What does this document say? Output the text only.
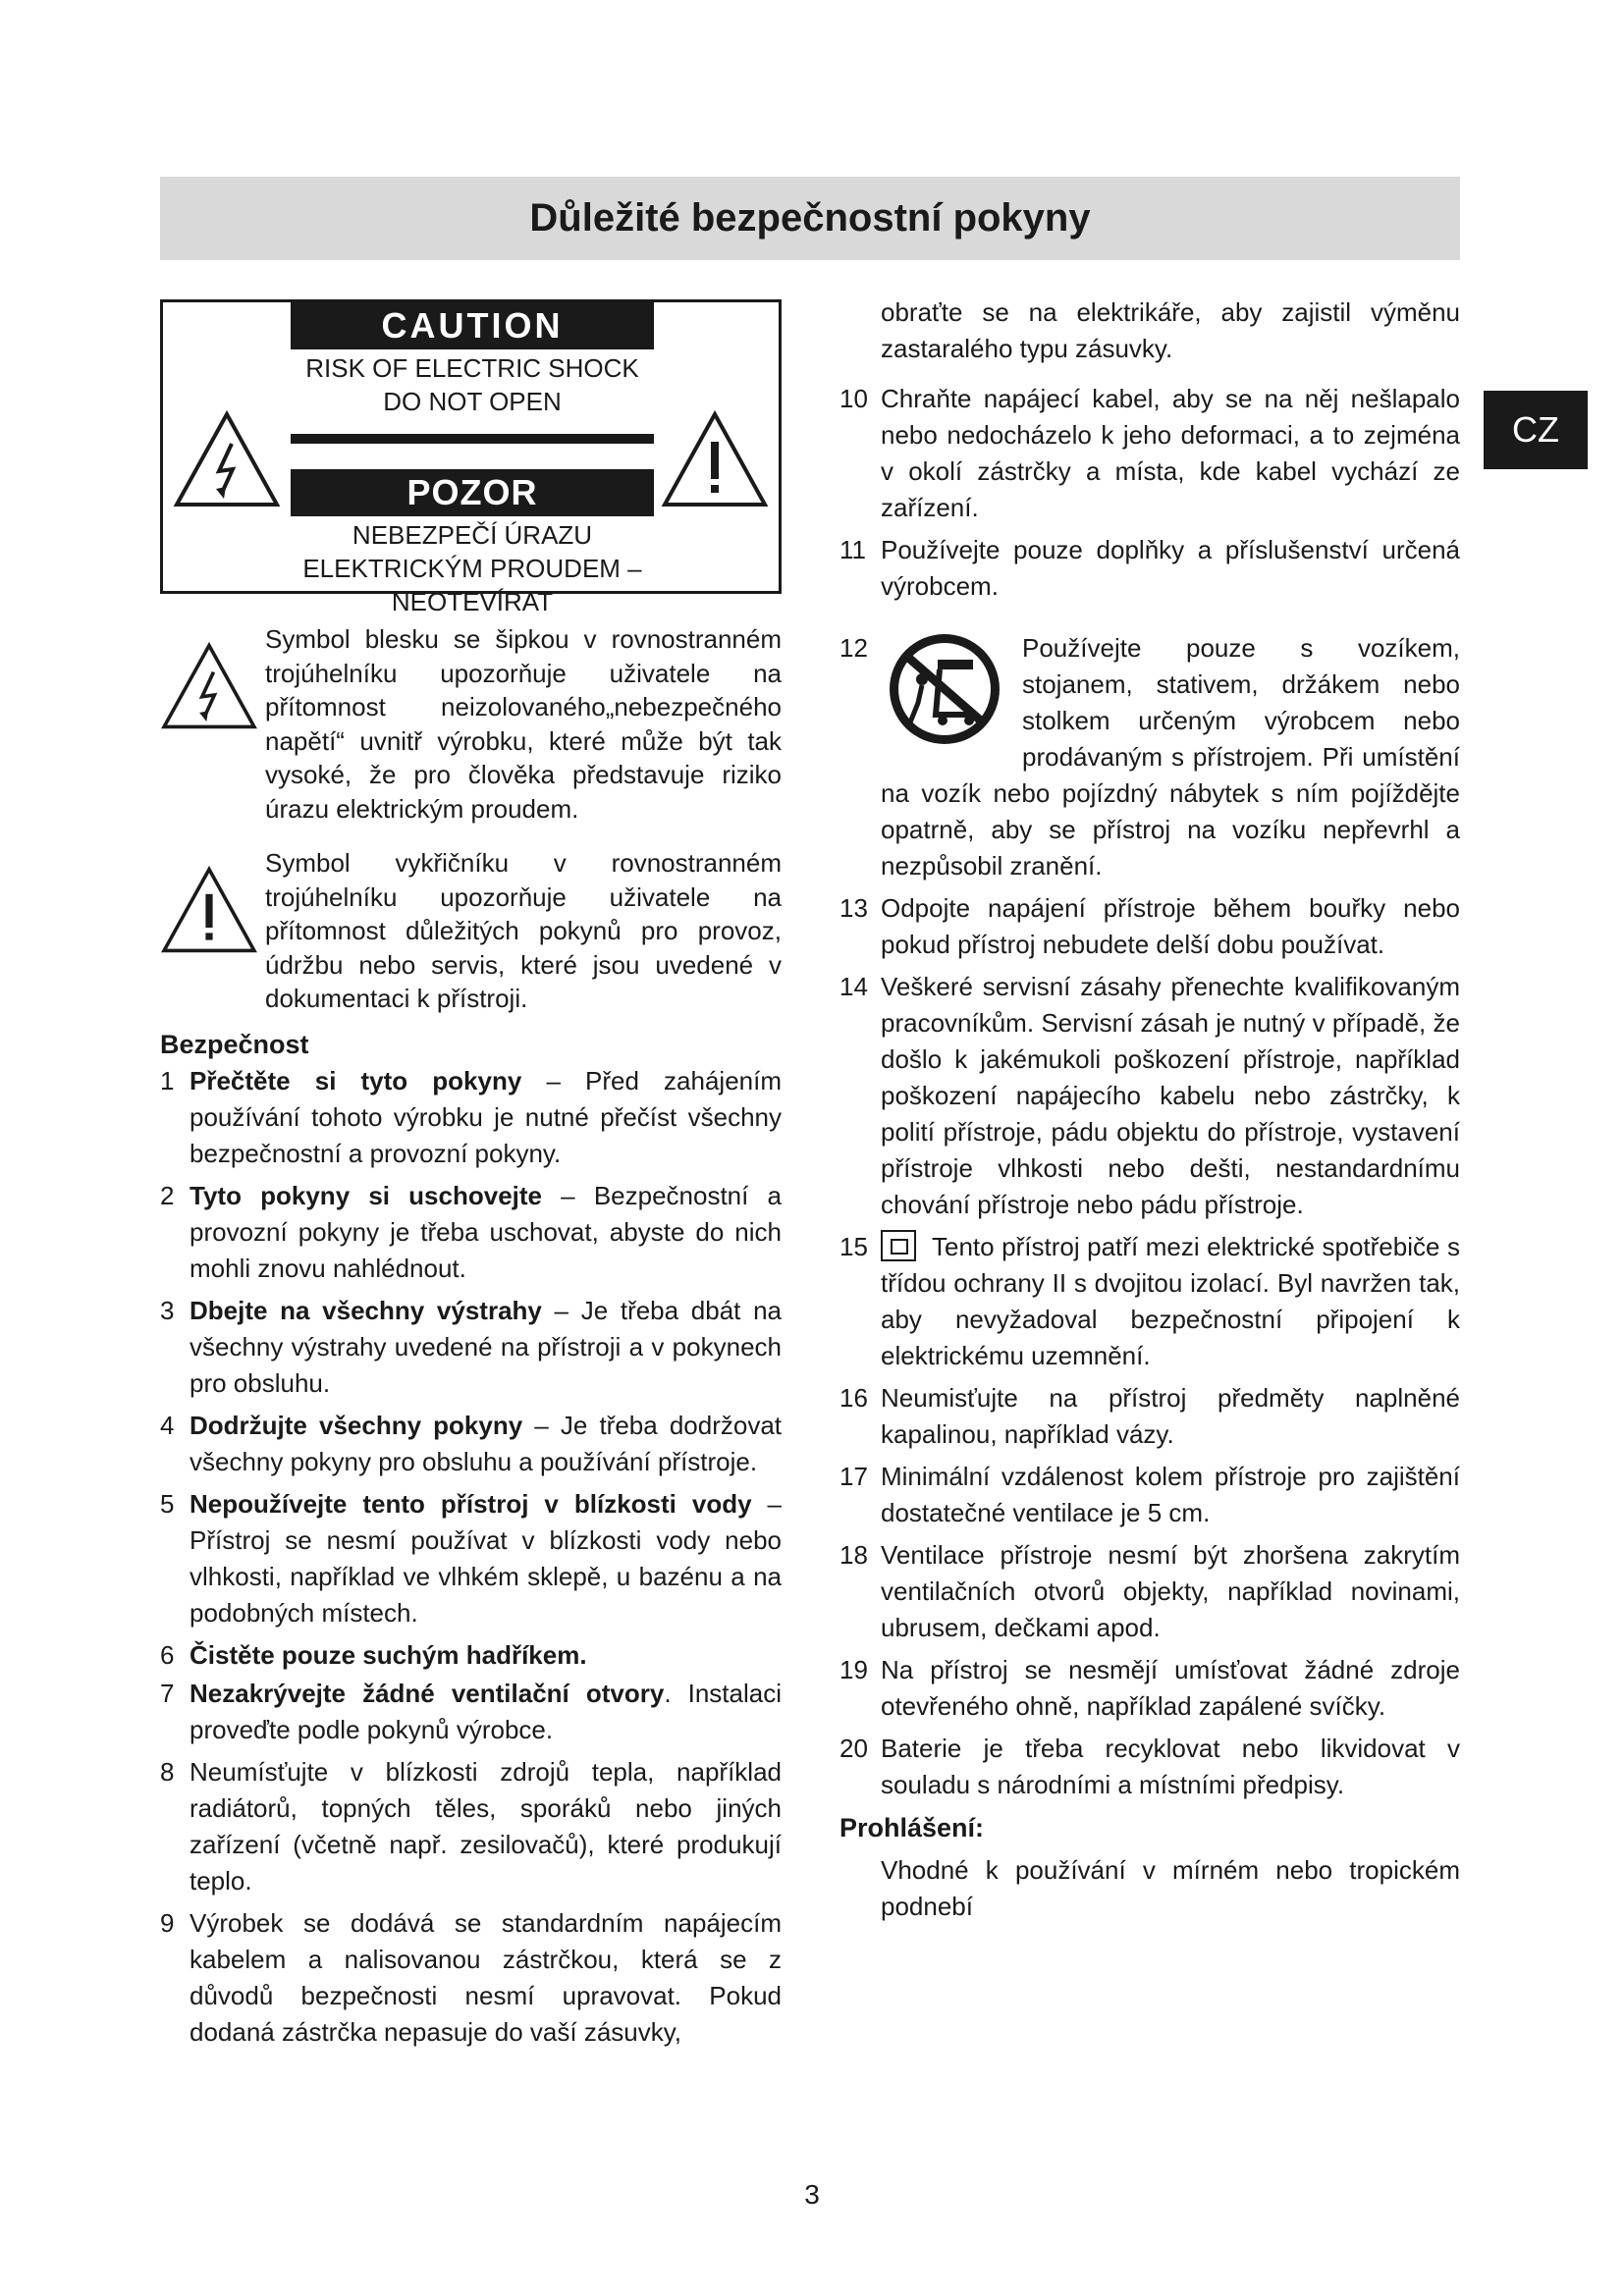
Důležité bezpečnostní pokyny
CZ
CAUTION
RISK OF ELECTRIC SHOCK
DO NOT OPEN
POZOR
NEBEZPEČÍ ÚRAZU
ELEKTRICKÝM PROUDEM –
NEOTEVÍRAT
Symbol blesku se šipkou v rovnostranném trojúhelníku upozorňuje uživatele na přítomnost neizolovaného„nebezpečného napětí“ uvnitř výrobku, které může být tak vysoké, že pro člověka představuje riziko úrazu elektrickým proudem.
Symbol vykřičníku v rovnostranném trojúhelníku upozorňuje uživatele na přítomnost důležitých pokynů pro provoz, údržbu nebo servis, které jsou uvedené v dokumentaci k přístroji.
Bezpečnost
1 Přečtěte si tyto pokyny – Před zahájením používání tohoto výrobku je nutné přečíst všechny bezpečnostní a provozní pokyny.
2 Tyto pokyny si uschovejte – Bezpečnostní a provozní pokyny je třeba uschovat, abyste do nich mohli znovu nahlédnout.
3 Dbejte na všechny výstrahy – Je třeba dbát na všechny výstrahy uvedené na přístroji a v pokynech pro obsluhu.
4 Dodržujte všechny pokyny – Je třeba dodržovat všechny pokyny pro obsluhu a používání přístroje.
5 Nepoužívejte tento přístroj v blízkosti vody – Přístroj se nesmí používat v blízkosti vody nebo vlhkosti, například ve vlhkém sklepě, u bazénu a na podobných místech.
6 Čistěte pouze suchým hadříkem.
7 Nezakrývejte žádné ventilační otvory. Instalaci proveďte podle pokynů výrobce.
8 Neumísťujte v blízkosti zdrojů tepla, například radiátorů, topných těles, sporáků nebo jiných zařízení (včetně např. zesilovačů), které produkují teplo.
9 Výrobek se dodává se standardním napájecím kabelem a nalisovanou zástrčkou, která se z důvodů bezpečnosti nesmí upravovat. Pokud dodaná zástrčka nepasuje do vaší zásuvky,
obraťte se na elektrikáře, aby zajistil výměnu zastaralého typu zásuvky.
10 Chraňte napájecí kabel, aby se na něj nešlapalo nebo nedocházelo k jeho deformaci, a to zejména v okolí zástrčky a místa, kde kabel vychází ze zařízení.
11 Používejte pouze doplňky a příslušenství určená výrobcem.
12	Používejte pouze s vozíkem, stojanem, stativem, držákem nebo stolkem určeným výrobcem nebo prodávaným s přístrojem. Při umístění na vozík nebo pojízdný nábytek s ním pojíždějte opatrně, aby se přístroj na vozíku nepřevrhl a nezpůsobil zranění.
13 Odpojte napájení přístroje během bouřky nebo pokud přístroj nebudete delší dobu používat.
14 Veškeré servisní zásahy přenechte kvalifikovaným pracovníkům. Servisní zásah je nutný v případě, že došlo k jakémukoli poškození přístroje, například poškození napájecího kabelu nebo zástrčky, k polití přístroje, pádu objektu do přístroje, vystavení přístroje vlhkosti nebo dešti, nestandardnímu chování přístroje nebo pádu přístroje.
15	Tento přístroj patří mezi elektrické spotřebiče s třídou ochrany II s dvojitou izolací. Byl navržen tak, aby nevyžadoval bezpečnostní připojení k elektrickému uzemnění.
16 Neumisťujte na přístroj předměty naplněné kapalinou, například vázy.
17 Minimální vzdálenost kolem přístroje pro zajištění dostatečné ventilace je 5 cm.
18 Ventilace přístroje nesmí být zhoršena zakrytím ventilačních otvorů objekty, například novinami, ubrusem, dečkami apod.
19 Na přístroj se nesmějí umísťovat žádné zdroje otevřeného ohně, například zapálené svíčky.
20 Baterie je třeba recyklovat nebo likvidovat v souladu s národními a místními předpisy.
Prohlášení:
Vhodné k používání v mírném nebo tropickém podnebí
3
